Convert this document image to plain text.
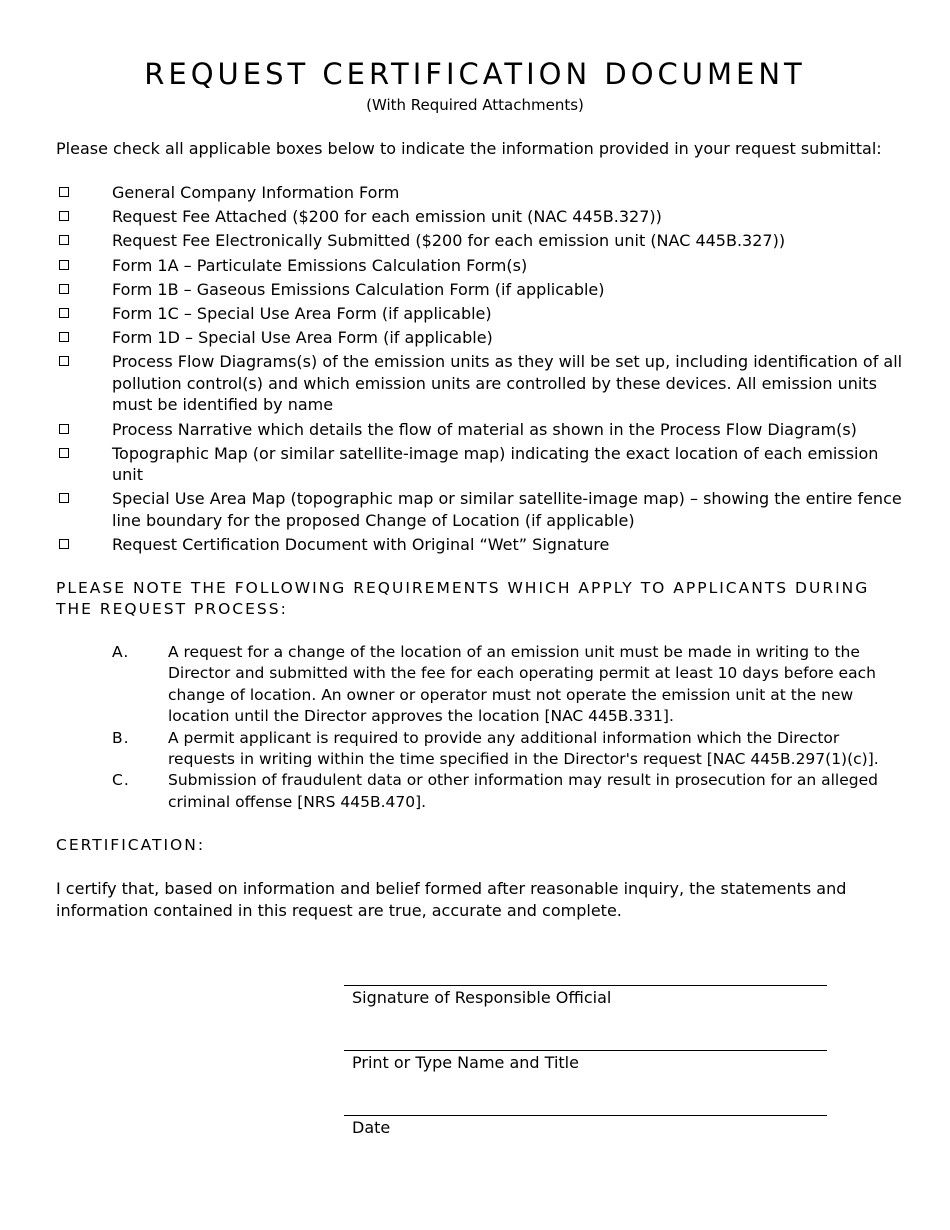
REQUEST CERTIFICATION DOCUMENT

(With Required Attachments)

Please check all applicable boxes below to indicate the information provided in your request submittal:

General Company Information Form
Request Fee Attached ($200 for each emission unit (NAC 445B.327))
Request Fee Electronically Submitted ($200 for each emission unit (NAC 445B.327))
Form 1A – Particulate Emissions Calculation Form(s)
Form 1B – Gaseous Emissions Calculation Form (if applicable)
Form 1C – Special Use Area Form (if applicable)
Form 1D – Special Use Area Form (if applicable)
Process Flow Diagrams(s) of the emission units as they will be set up, including identification of all pollution control(s) and which emission units are controlled by these devices. All emission units must be identified by name
Process Narrative which details the flow of material as shown in the Process Flow Diagram(s)
Topographic Map (or similar satellite-image map) indicating the exact location of each emission unit
Special Use Area Map (topographic map or similar satellite-image map) – showing the entire fence line boundary for the proposed Change of Location (if applicable)
Request Certification Document with Original “Wet” Signature
PLEASE NOTE THE FOLLOWING REQUIREMENTS WHICH APPLY TO APPLICANTS DURING THE REQUEST PROCESS:
A. A request for a change of the location of an emission unit must be made in writing to the Director and submitted with the fee for each operating permit at least 10 days before each change of location. An owner or operator must not operate the emission unit at the new location until the Director approves the location [NAC 445B.331].
B. A permit applicant is required to provide any additional information which the Director requests in writing within the time specified in the Director's request [NAC 445B.297(1)(c)].
C. Submission of fraudulent data or other information may result in prosecution for an alleged criminal offense [NRS 445B.470].
CERTIFICATION:

I certify that, based on information and belief formed after reasonable inquiry, the statements and information contained in this request are true, accurate and complete.

Signature of Responsible Official
Print or Type Name and Title
Date
